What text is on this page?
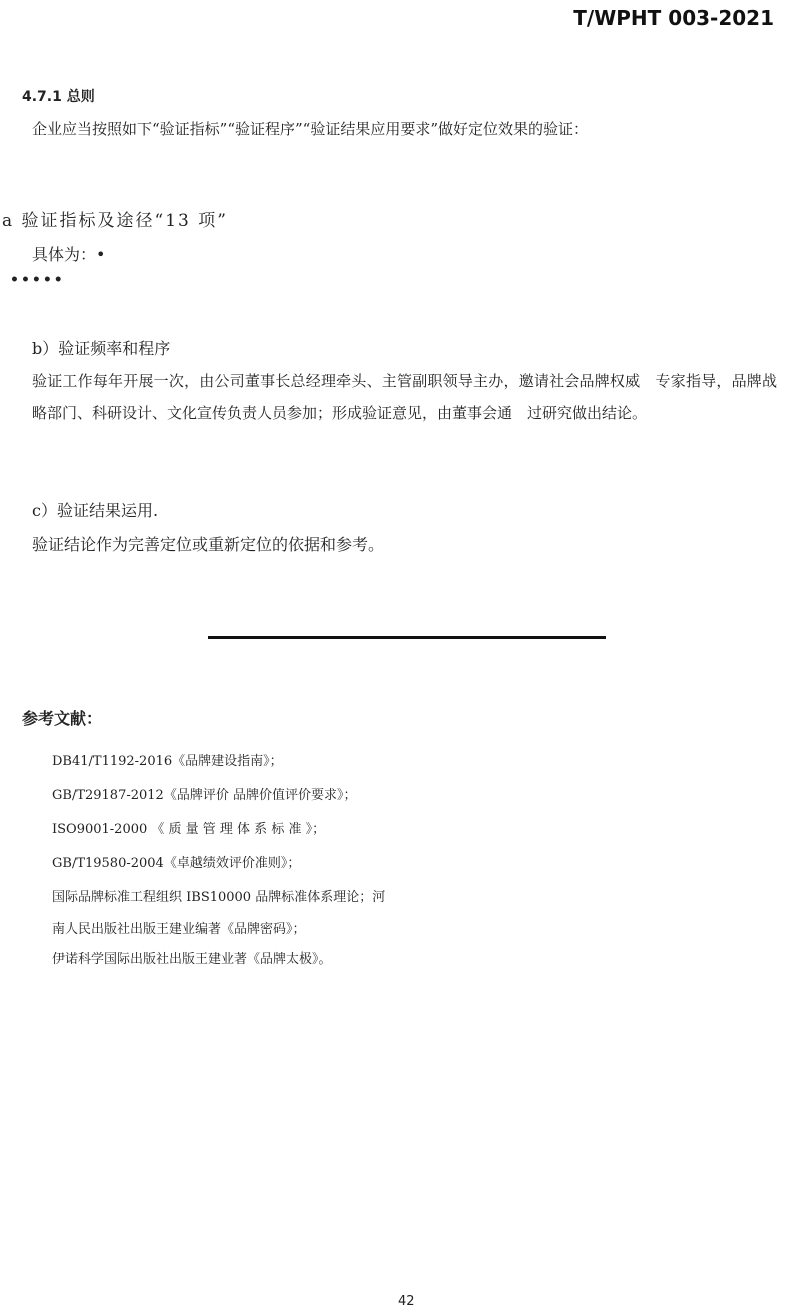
T/WPHT 003-2021
4.7.1 总则
企业应当按照如下“验证指标”“验证程序”“验证结果应用要求”做好定位效果的验证：
a 验证指标及途径“13 项”
具体为：•
•••••
b）验证频率和程序
验证工作每年开展一次，由公司董事长总经理牵头、主管副职领导主办，邀请社会品牌权威　专家指导，品牌战略部门、科研设计、文化宣传负责人员参加；形成验证意见，由董事会通　过研究做出结论。
c）验证结果运用.
验证结论作为完善定位或重新定位的依据和参考。
参考文献：
DB41/T1192-2016《品牌建设指南》；
GB/T29187-2012《品牌评价 品牌价值评价要求》；
ISO9001-2000 《 质 量 管 理 体 系 标 准 》；
GB/T19580-2004《卓越绩效评价准则》；
国际品牌标准工程组织 IBS10000 品牌标准体系理论；河
南人民出版社出版王建业编著《品牌密码》；
伊诺科学国际出版社出版王建业著《品牌太极》。
42
